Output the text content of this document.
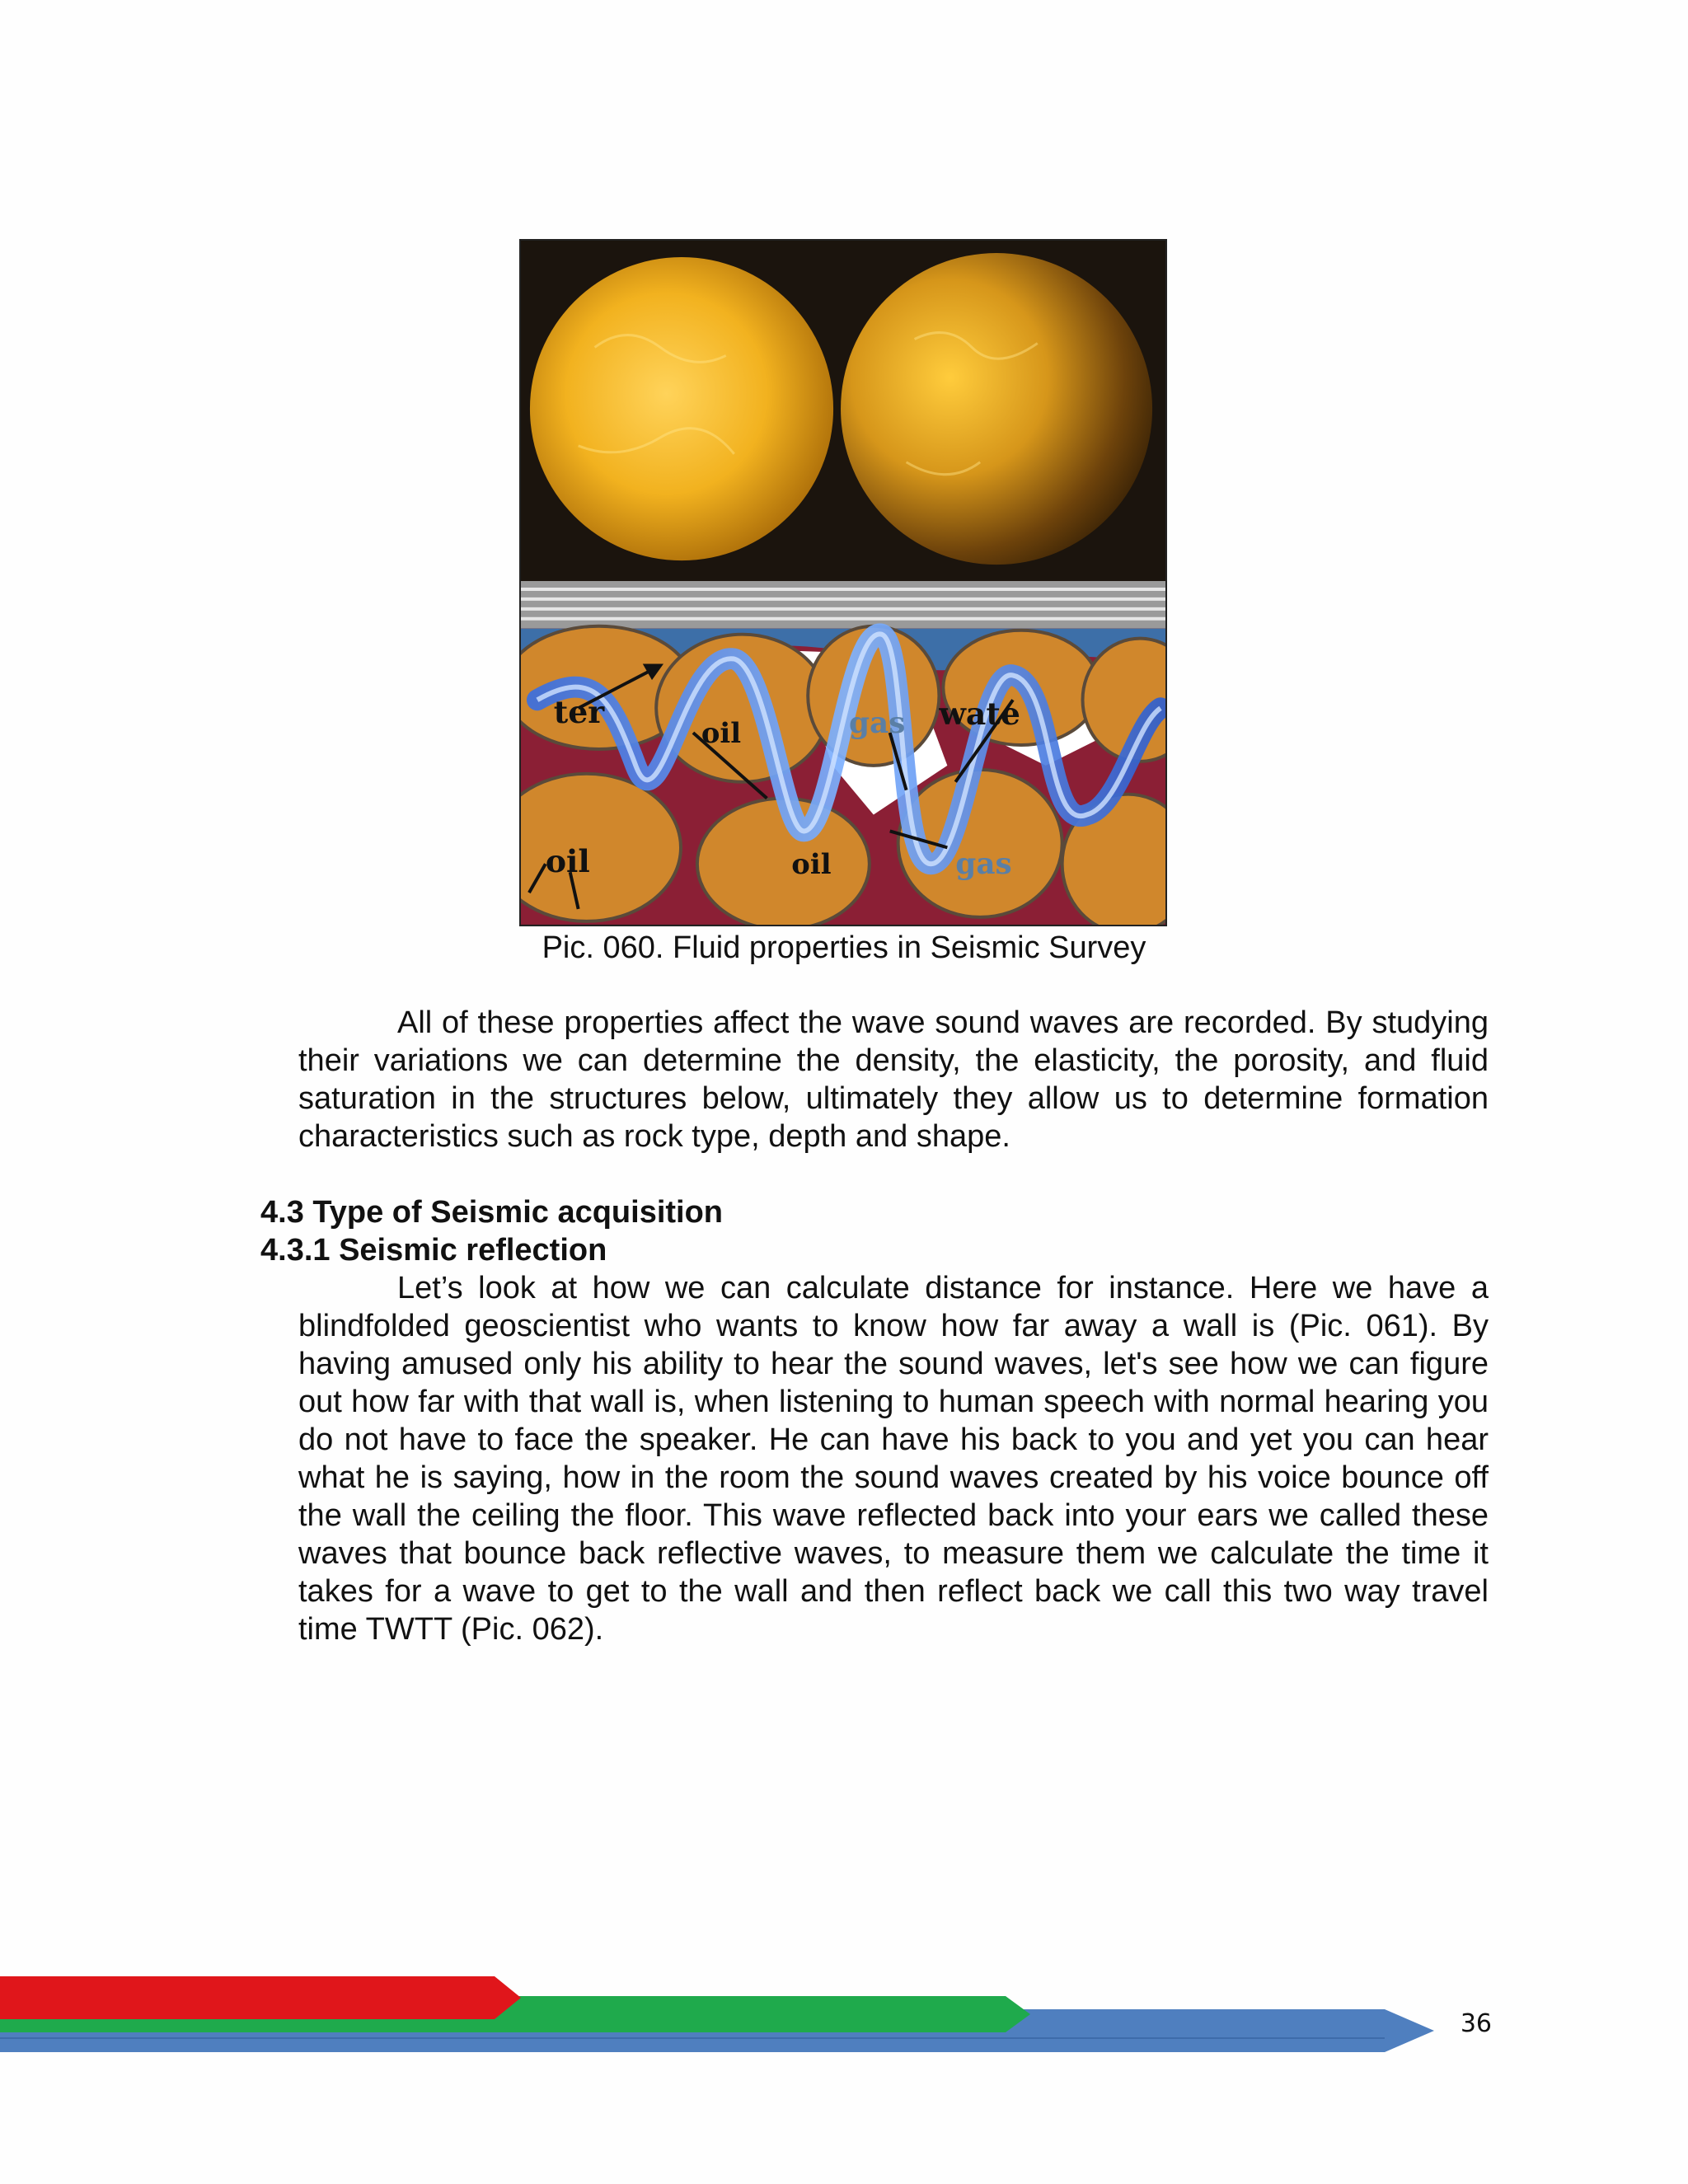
ter
oil	gas wate
oil	oil	gas
Pic. 060. Fluid properties in Seismic Survey
All of these properties affect the wave sound waves are recorded. By studying their variations we can determine the density, the elasticity, the porosity, and fluid saturation in the structures below, ultimately they allow us to determine formation characteristics such as rock type, depth and shape.
4.3 Type of Seismic acquisition
4.3.1 Seismic reflection
Let’s look at how we can calculate distance for instance. Here we have a blindfolded geoscientist who wants to know how far away a wall is (Pic. 061). By having amused only his ability to hear the sound waves, let's see how we can figure out how far with that wall is, when listening to human speech with normal hearing you do not have to face the speaker. He can have his back to you and yet you can hear what he is saying, how in the room the sound waves created by his voice bounce off the wall the ceiling the floor. This wave reflected back into your ears we called these waves that bounce back reflective waves, to measure them we calculate the time it takes for a wave to get to the wall and then reflect back we call this two way travel time TWTT (Pic. 062).
36
